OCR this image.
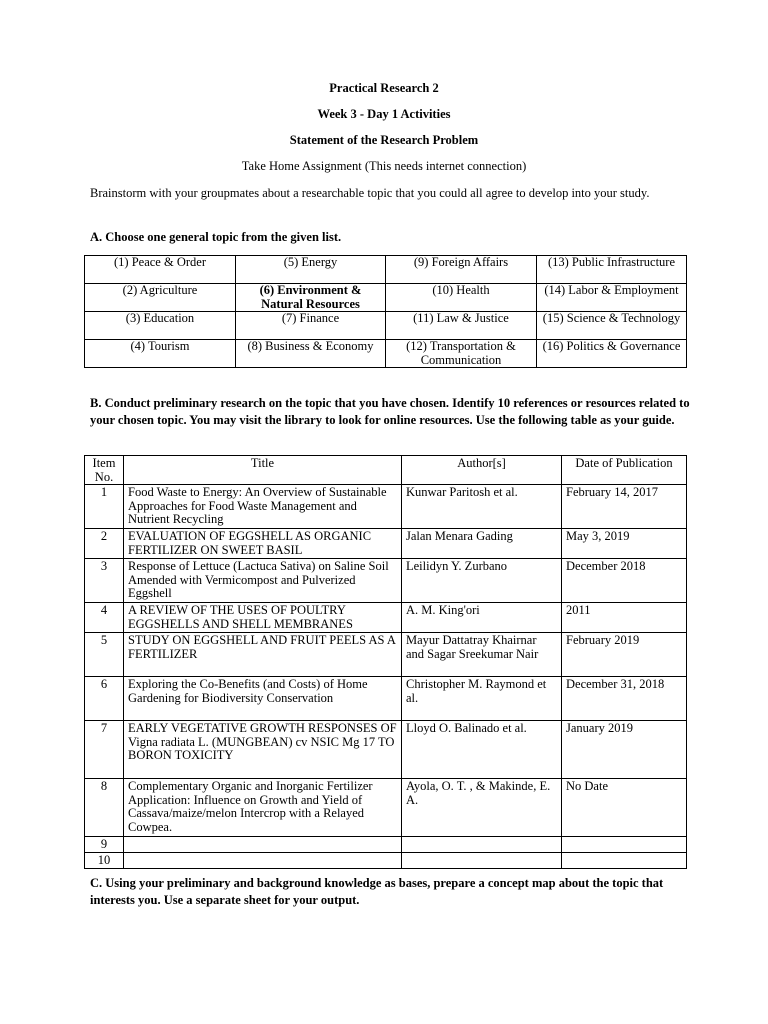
Practical Research 2
Week 3 - Day 1 Activities
Statement of the Research Problem
Take Home Assignment (This needs internet connection)
Brainstorm with your groupmates about a researchable topic that you could all agree to develop into your study.
A. Choose one general topic from the given list.
(1) Peace & Order	(5) Energy	(9) Foreign Affairs	(13) Public Infrastructure
(2) Agriculture	(6) Environment & Natural Resources	(10) Health	(14) Labor & Employment
(3) Education	(7) Finance	(11) Law & Justice	(15) Science & Technology
(4) Tourism	(8) Business & Economy	(12) Transportation & Communication	(16) Politics & Governance
B. Conduct preliminary research on the topic that you have chosen. Identify 10 references or resources related to your chosen topic. You may visit the library to look for online resources. Use the following table as your guide.
Item No.	Title	Author[s]	Date of Publication
1	Food Waste to Energy: An Overview of Sustainable Approaches for Food Waste Management and Nutrient Recycling	Kunwar Paritosh et al.	February 14, 2017
2	EVALUATION OF EGGSHELL AS ORGANIC FERTILIZER ON SWEET BASIL	Jalan Menara Gading	May 3, 2019
3	Response of Lettuce (Lactuca Sativa) on Saline Soil Amended with Vermicompost and Pulverized Eggshell	Leilidyn Y. Zurbano	December 2018
4	A REVIEW OF THE USES OF POULTRY EGGSHELLS AND SHELL MEMBRANES	A. M. King'ori	2011
5	STUDY ON EGGSHELL AND FRUIT PEELS AS A FERTILIZER	Mayur Dattatray Khairnar and Sagar Sreekumar Nair	February 2019
6	Exploring the Co-Benefits (and Costs) of Home Gardening for Biodiversity Conservation	Christopher M. Raymond et al.	December 31, 2018
7	EARLY VEGETATIVE GROWTH RESPONSES OF Vigna radiata L. (MUNGBEAN) cv NSIC Mg 17 TO BORON TOXICITY	Lloyd O. Balinado et al.	January 2019
8	Complementary Organic and Inorganic Fertilizer Application: Influence on Growth and Yield of Cassava/maize/melon Intercrop with a Relayed Cowpea.	Ayola, O. T. , & Makinde, E. A.	No Date
9			
10			
C. Using your preliminary and background knowledge as bases, prepare a concept map about the topic that interests you. Use a separate sheet for your output.
